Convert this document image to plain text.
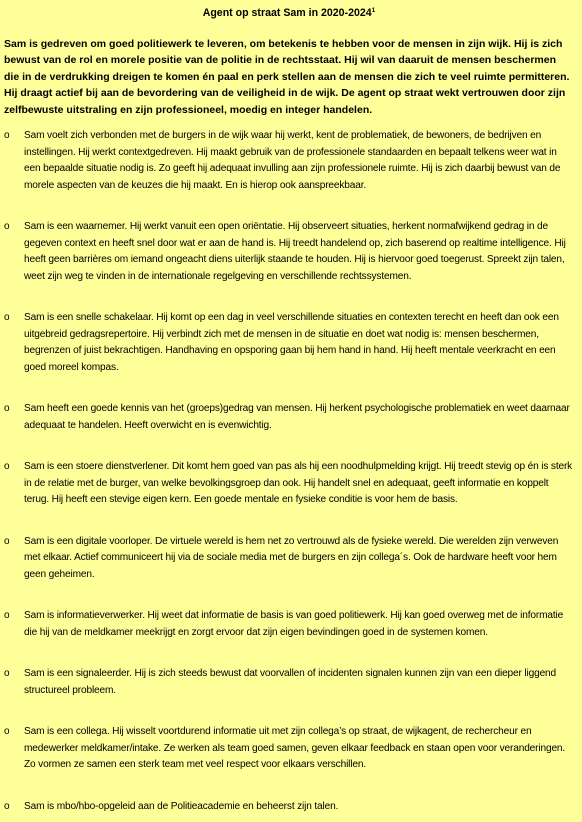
Agent op straat Sam in 2020-2024$^1$

Sam is gedreven om goed politiewerk te leveren, om betekenis te hebben voor de mensen in zijn wijk. Hij is zich bewust van de rol en morele positie van de politie in de rechtsstaat. Hij wil van daaruit de mensen beschermen die in de verdrukking dreigen te komen én paal en perk stellen aan de mensen die zich te veel ruimte permitteren. Hij draagt actief bij aan de bevordering van de veiligheid in de wijk. De agent op straat wekt vertrouwen door zijn zelfbewuste uitstraling en zijn professioneel, moedig en integer handelen.

o Sam voelt zich verbonden met de burgers in de wijk waar hij werkt, kent de problematiek, de bewoners, de bedrijven en instellingen. Hij werkt contextgedreven. Hij maakt gebruik van de professionele standaarden en bepaalt telkens weer wat in een bepaalde situatie nodig is. Zo geeft hij adequaat invulling aan zijn professionele ruimte. Hij is zich daarbij bewust van de morele aspecten van de keuzes die hij maakt. En is hierop ook aanspreekbaar.
o Sam is een waarnemer. Hij werkt vanuit een open oriëntatie. Hij observeert situaties, herkent normafwijkend gedrag in de gegeven context en heeft snel door wat er aan de hand is. Hij treedt handelend op, zich baserend op realtime intelligence. Hij heeft geen barrières om iemand ongeacht diens uiterlijk staande te houden. Hij is hiervoor goed toegerust. Spreekt zijn talen, weet zijn weg te vinden in de internationale regelgeving en verschillende rechtssystemen.
o Sam is een snelle schakelaar. Hij komt op een dag in veel verschillende situaties en contexten terecht en heeft dan ook een uitgebreid gedragsrepertoire. Hij verbindt zich met de mensen in de situatie en doet wat nodig is: mensen beschermen, begrenzen of juist bekrachtigen. Handhaving en opsporing gaan bij hem hand in hand. Hij heeft mentale veerkracht en een goed moreel kompas.
o Sam heeft een goede kennis van het (groeps)gedrag van mensen. Hij herkent psychologische problematiek en weet daarnaar adequaat te handelen. Heeft overwicht en is evenwichtig.
o Sam is een stoere dienstverlener. Dit komt hem goed van pas als hij een noodhulpmelding krijgt. Hij treedt stevig op én is sterk in de relatie met de burger, van welke bevolkingsgroep dan ook. Hij handelt snel en adequaat, geeft informatie en koppelt terug. Hij heeft een stevige eigen kern. Een goede mentale en fysieke conditie is voor hem de basis.
o Sam is een digitale voorloper. De virtuele wereld is hem net zo vertrouwd als de fysieke wereld. Die werelden zijn verweven met elkaar. Actief communiceert hij via de sociale media met de burgers en zijn collega´s. Ook de hardware heeft voor hem geen geheimen.
o Sam is informatieverwerker. Hij weet dat informatie de basis is van goed politiewerk. Hij kan goed overweg met de informatie die hij van de meldkamer meekrijgt en zorgt ervoor dat zijn eigen bevindingen goed in de systemen komen.
o Sam is een signaleerder. Hij is zich steeds bewust dat voorvallen of incidenten signalen kunnen zijn van een dieper liggend structureel probleem.
o Sam is een collega. Hij wisselt voortdurend informatie uit met zijn collega’s op straat, de wijkagent, de rechercheur en medewerker meldkamer/intake. Ze werken als team goed samen, geven elkaar feedback en staan open voor veranderingen. Zo vormen ze samen een sterk team met veel respect voor elkaars verschillen.
o Sam is mbo/hbo-opgeleid aan de Politieacademie en beheerst zijn talen.
